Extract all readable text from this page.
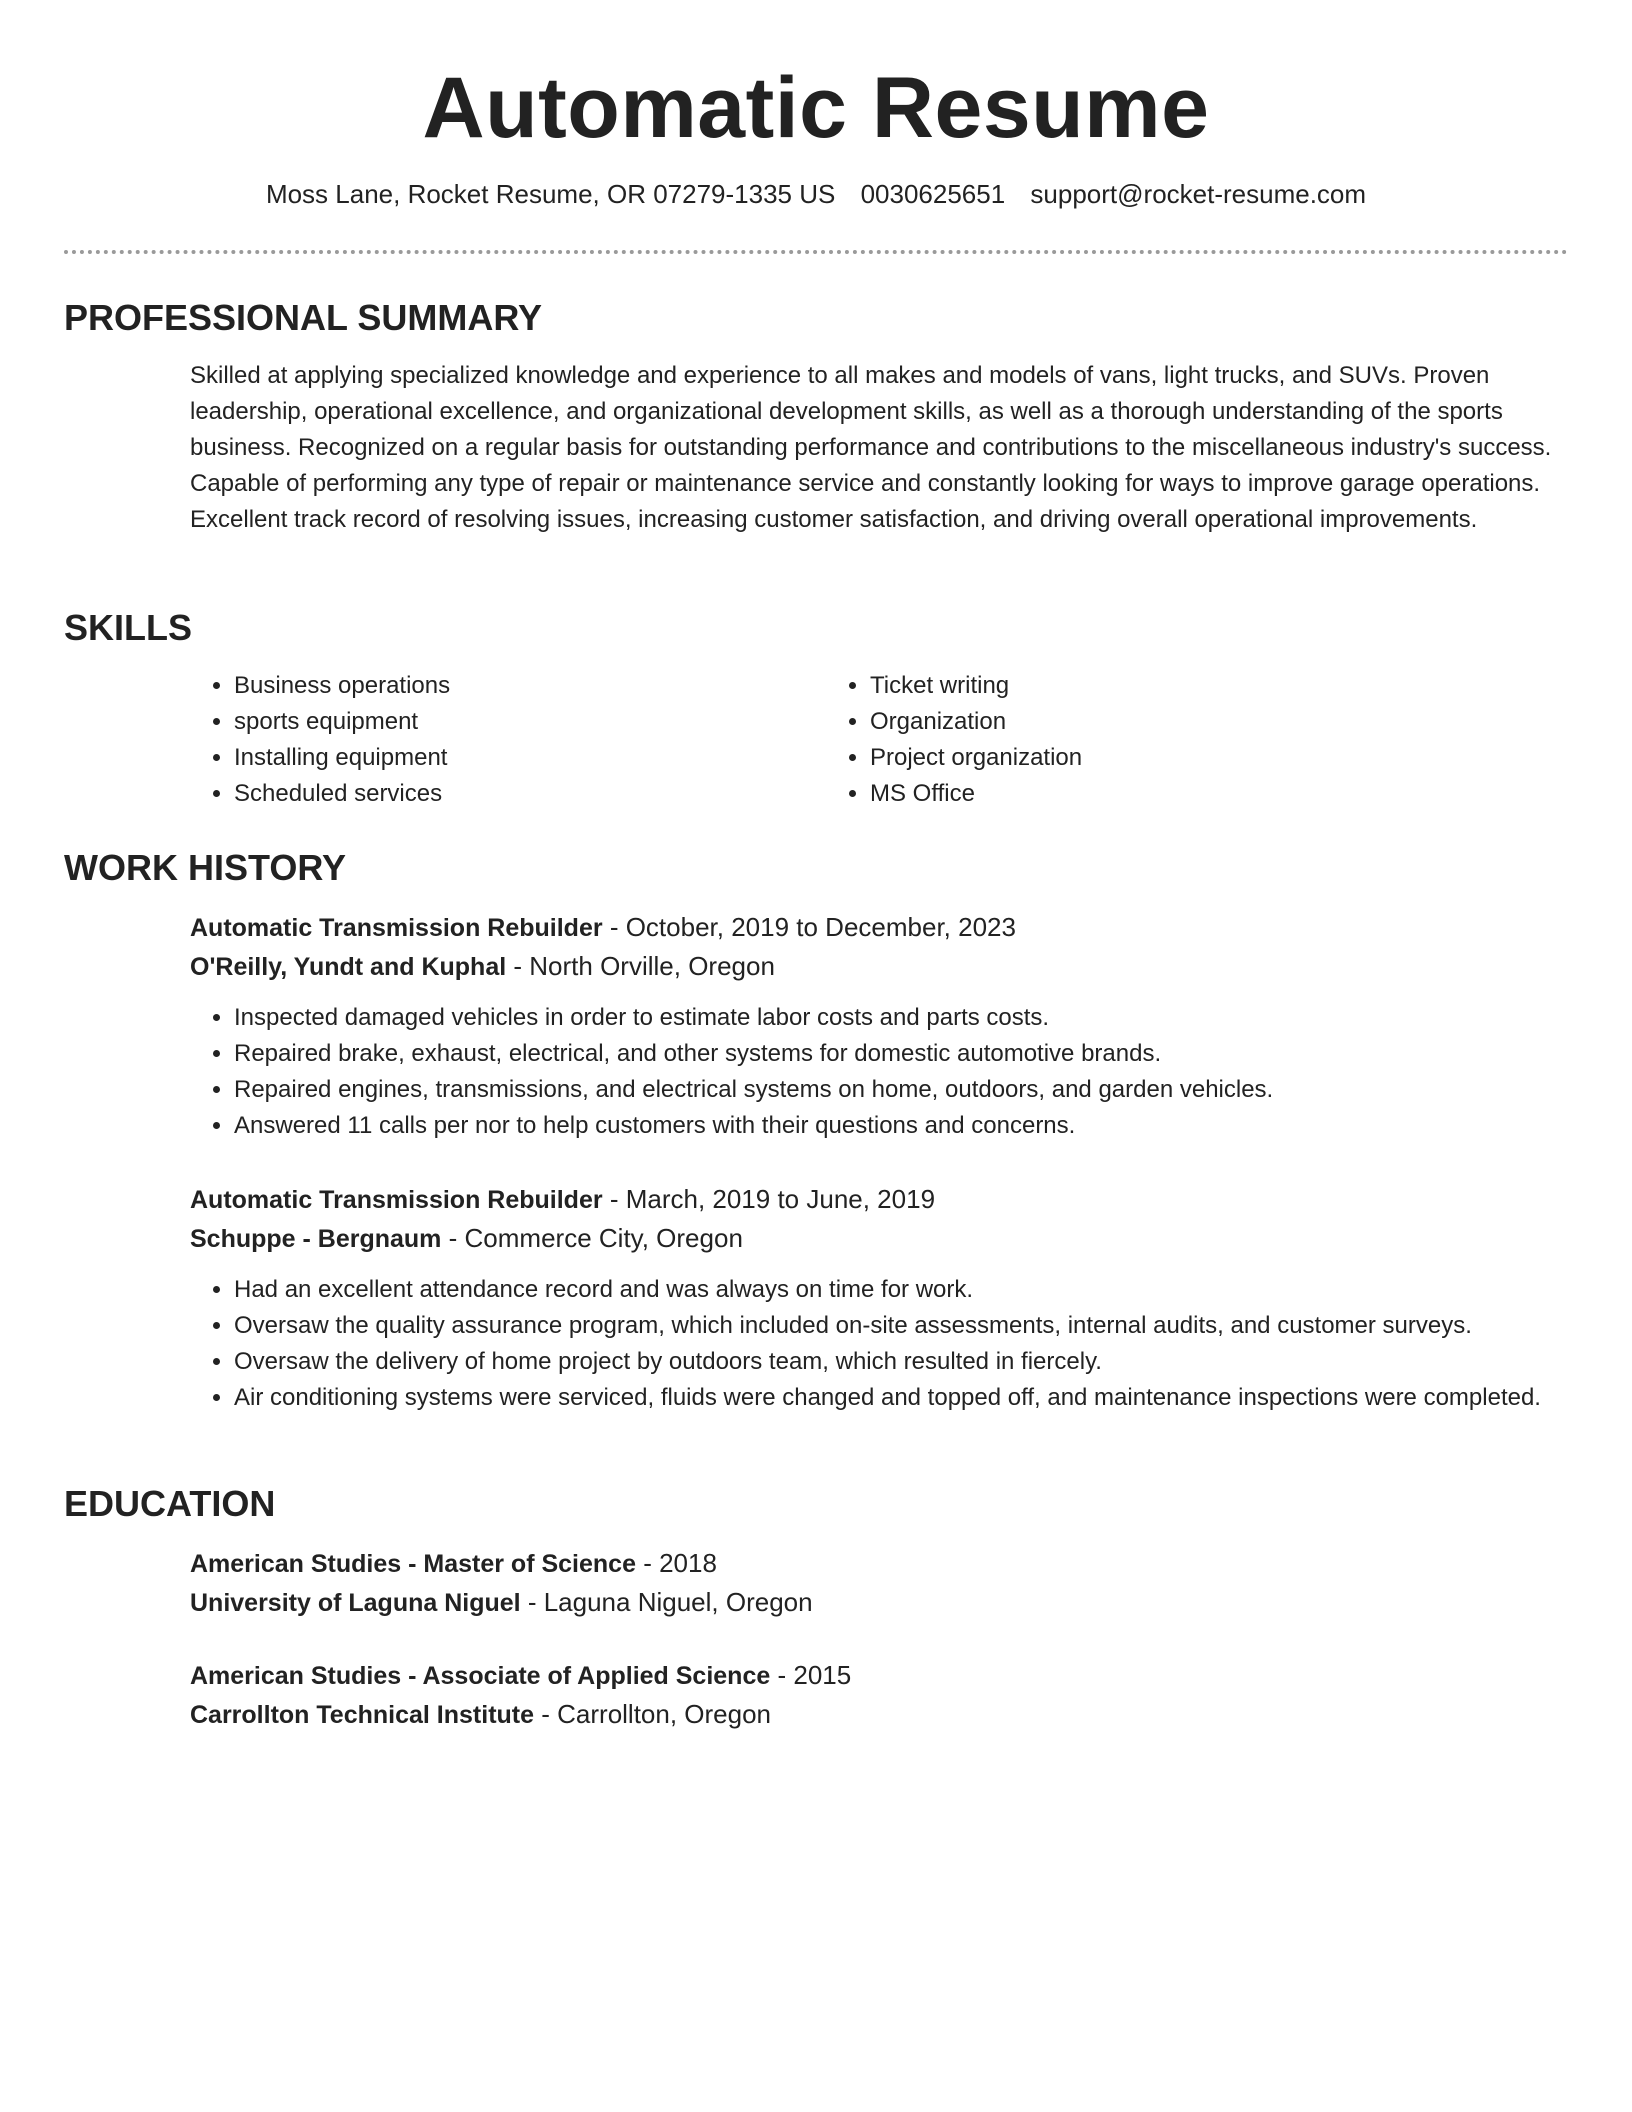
Automatic Resume
Moss Lane, Rocket Resume, OR 07279-1335 US 0030625651 support@rocket-resume.com
PROFESSIONAL SUMMARY

Skilled at applying specialized knowledge and experience to all makes and models of vans, light trucks, and SUVs. Proven leadership, operational excellence, and organizational development skills, as well as a thorough understanding of the sports business. Recognized on a regular basis for outstanding performance and contributions to the miscellaneous industry's success. Capable of performing any type of repair or maintenance service and constantly looking for ways to improve garage operations. Excellent track record of resolving issues, increasing customer satisfaction, and driving overall operational improvements.

SKILLS
• Business operations
• sports equipment
• Installing equipment
• Scheduled services
• Ticket writing
• Organization
• Project organization
• MS Office
WORK HISTORY
Automatic Transmission Rebuilder - October, 2019 to December, 2023
O'Reilly, Yundt and Kuphal - North Orville, Oregon
• Inspected damaged vehicles in order to estimate labor costs and parts costs.
• Repaired brake, exhaust, electrical, and other systems for domestic automotive brands.
• Repaired engines, transmissions, and electrical systems on home, outdoors, and garden vehicles.
• Answered 11 calls per nor to help customers with their questions and concerns.
Automatic Transmission Rebuilder - March, 2019 to June, 2019
Schuppe - Bergnaum - Commerce City, Oregon
• Had an excellent attendance record and was always on time for work.
• Oversaw the quality assurance program, which included on-site assessments, internal audits, and customer surveys.
• Oversaw the delivery of home project by outdoors team, which resulted in fiercely.
• Air conditioning systems were serviced, fluids were changed and topped off, and maintenance inspections were completed.
EDUCATION
American Studies - Master of Science - 2018
University of Laguna Niguel - Laguna Niguel, Oregon
American Studies - Associate of Applied Science - 2015
Carrollton Technical Institute - Carrollton, Oregon
